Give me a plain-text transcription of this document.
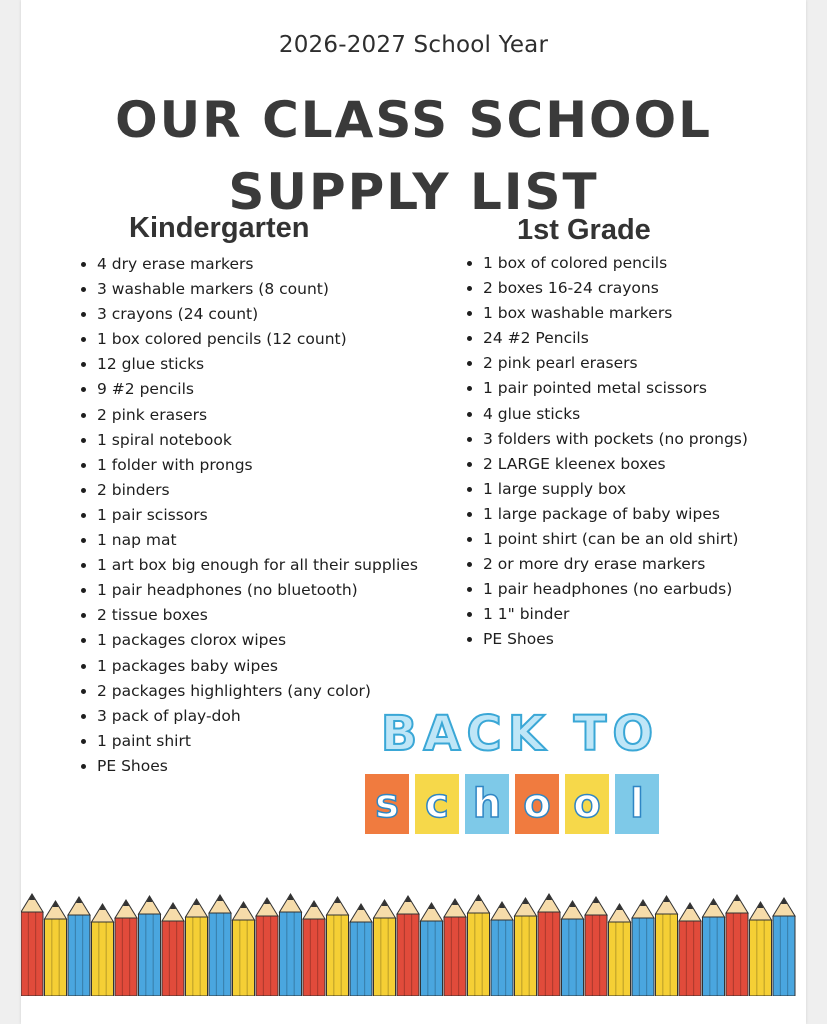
2026-2027 School Year
OUR CLASS SCHOOL
SUPPLY LIST
Kindergarten
4 dry erase markers
3 washable markers (8 count)
3 crayons (24 count)
1 box colored pencils (12 count)
12 glue sticks
9 #2 pencils
2 pink erasers
1 spiral notebook
1 folder with prongs
2 binders
1 pair scissors
1 nap mat
1 art box big enough for all their supplies
1 pair headphones (no bluetooth)
2 tissue boxes
1 packages clorox wipes
1 packages baby wipes
2 packages highlighters (any color)
3 pack of play-doh
1 paint shirt
PE Shoes
1st Grade
1 box of colored pencils
2 boxes 16-24 crayons
1 box washable markers
24 #2 Pencils
2 pink pearl erasers
1 pair pointed metal scissors
4 glue sticks
3 folders with pockets (no prongs)
2 LARGE kleenex boxes
1 large supply box
1 large package of baby wipes
1 point shirt (can be an old shirt)
2 or more dry erase markers
1 pair headphones (no earbuds)
1 1" binder
PE Shoes
BACK TO
s c h o o l
